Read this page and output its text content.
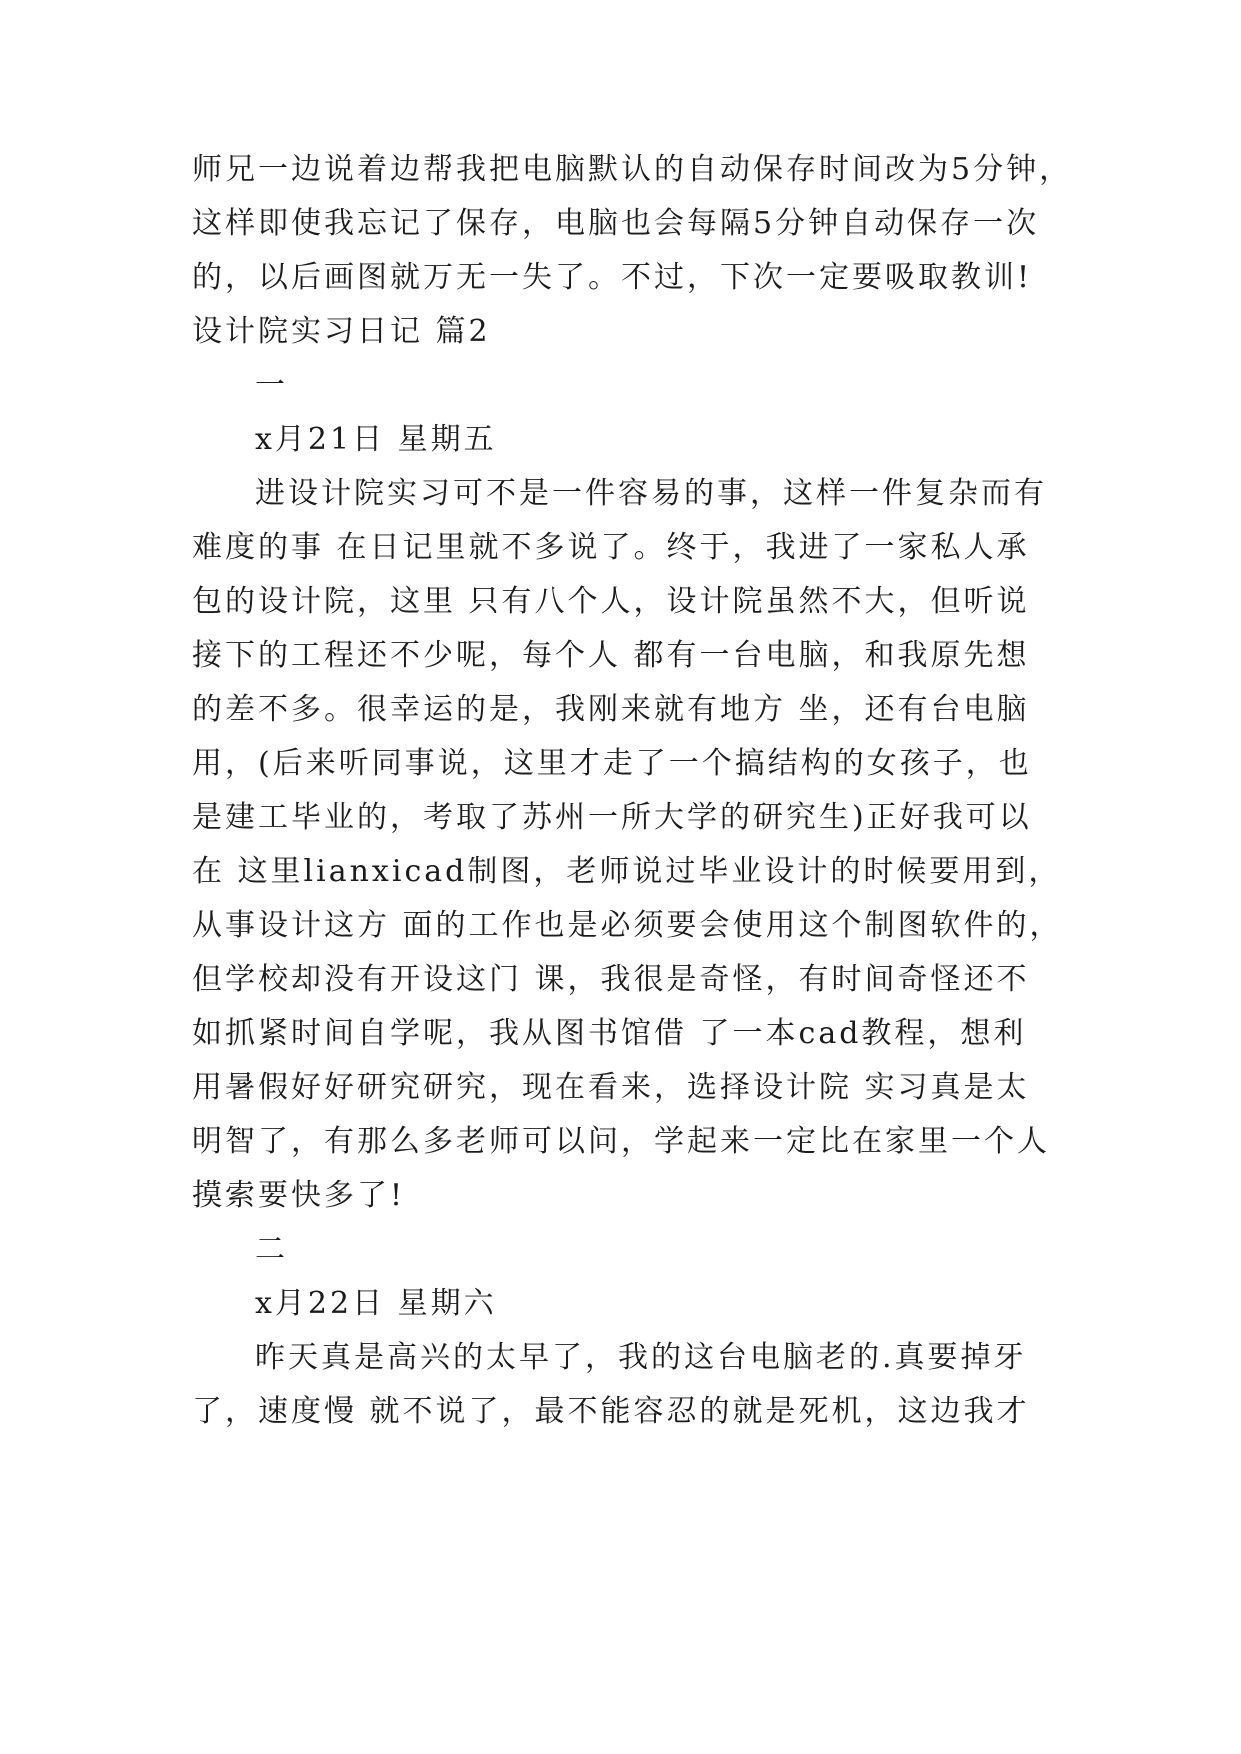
师兄一边说着边帮我把电脑默认的自动保存时间改为5分钟，
这样即使我忘记了保存，电脑也会每隔5分钟自动保存一次
的，以后画图就万无一失了。不过，下次一定要吸取教训!
设计院实习日记 篇2
一
x月21日 星期五
进设计院实习可不是一件容易的事，这样一件复杂而有
难度的事 在日记里就不多说了。终于，我进了一家私人承
包的设计院，这里 只有八个人，设计院虽然不大，但听说
接下的工程还不少呢，每个人 都有一台电脑，和我原先想
的差不多。很幸运的是，我刚来就有地方 坐，还有台电脑
用，(后来听同事说，这里才走了一个搞结构的女孩子，也
是建工毕业的，考取了苏州一所大学的研究生)正好我可以
在 这里lianxicad制图，老师说过毕业设计的时候要用到，
从事设计这方 面的工作也是必须要会使用这个制图软件的，
但学校却没有开设这门 课，我很是奇怪，有时间奇怪还不
如抓紧时间自学呢，我从图书馆借 了一本cad教程，想利
用暑假好好研究研究，现在看来，选择设计院 实习真是太
明智了，有那么多老师可以问，学起来一定比在家里一个人
摸索要快多了!
二
x月22日 星期六
昨天真是高兴的太早了，我的这台电脑老的.真要掉牙
了，速度慢 就不说了，最不能容忍的就是死机，这边我才
